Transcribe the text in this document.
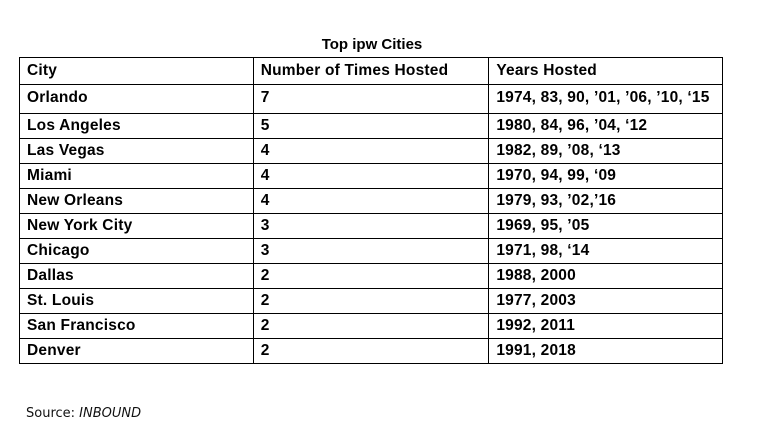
Top ipw Cities
City	Number of Times Hosted	Years Hosted
Orlando	7	1974, 83, 90, ’01, ’06, ’10, ‘15
Los Angeles	5	1980, 84, 96, ’04, ‘12
Las Vegas	4	1982, 89, ’08, ‘13
Miami	4	1970, 94, 99, ‘09
New Orleans	4	1979, 93, ’02,’16
New York City	3	1969, 95, ’05
Chicago	3	1971, 98, ‘14
Dallas	2	1988, 2000
St. Louis	2	1977, 2003
San Francisco	2	1992, 2011
Denver	2	1991, 2018
Source: INBOUND
